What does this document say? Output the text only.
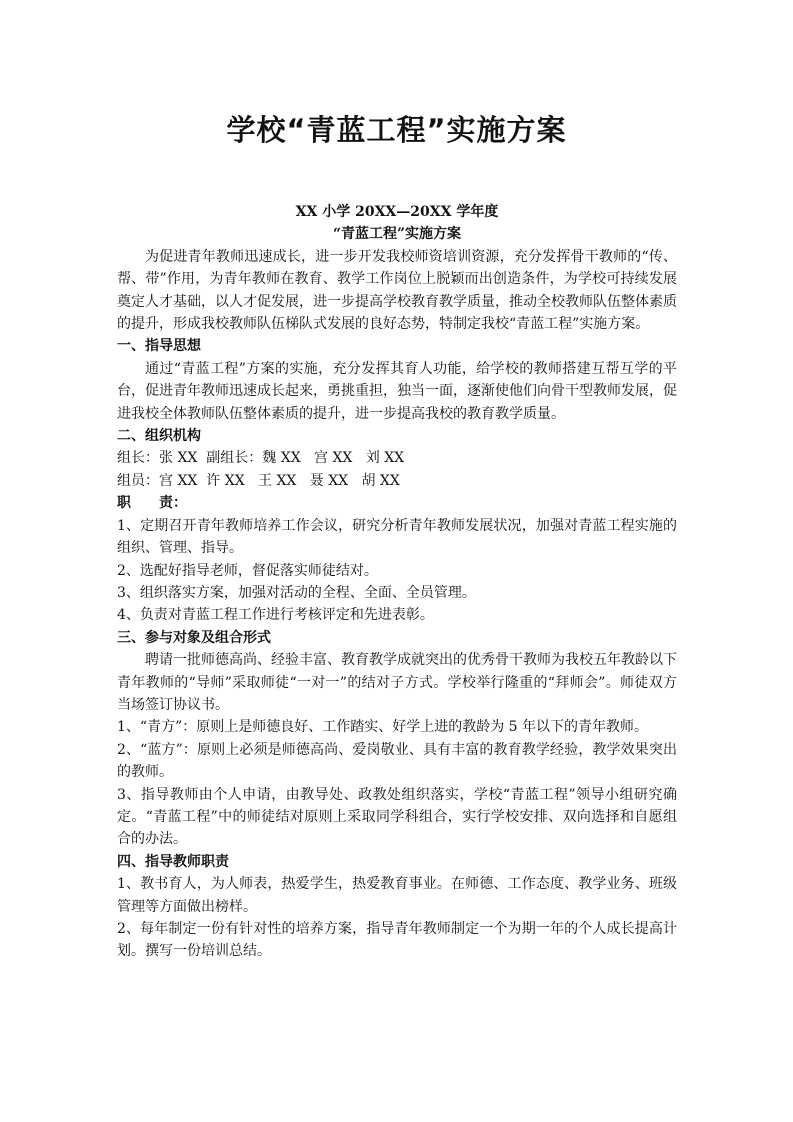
学校“青蓝工程”实施方案

XX 小学 20XX—20XX 学年度

“青蓝工程”实施方案

为促进青年教师迅速成长，进一步开发我校师资培训资源，充分发挥骨干教师的“传、帮、带”作用，为青年教师在教育、教学工作岗位上脱颖而出创造条件，为学校可持续发展奠定人才基础，以人才促发展，进一步提高学校教育教学质量，推动全校教师队伍整体素质的提升，形成我校教师队伍梯队式发展的良好态势，特制定我校“青蓝工程”实施方案。

一、指导思想

通过“青蓝工程”方案的实施，充分发挥其育人功能，给学校的教师搭建互帮互学的平台，促进青年教师迅速成长起来，勇挑重担，独当一面，逐渐使他们向骨干型教师发展，促进我校全体教师队伍整体素质的提升，进一步提高我校的教育教学质量。

二、组织机构

组长：张 XX  副组长：魏 XX   宫 XX   刘 XX

组员：宫 XX  许 XX   王 XX   聂 XX   胡 XX

职　　责：

1、定期召开青年教师培养工作会议，研究分析青年教师发展状况，加强对青蓝工程实施的组织、管理、指导。

2、选配好指导老师，督促落实师徒结对。

3、组织落实方案，加强对活动的全程、全面、全员管理。

4、负责对青蓝工程工作进行考核评定和先进表彰。

三、参与对象及组合形式

聘请一批师德高尚、经验丰富、教育教学成就突出的优秀骨干教师为我校五年教龄以下青年教师的“导师”采取师徒“一对一”的结对子方式。学校举行隆重的“拜师会”。师徒双方当场签订协议书。

1、“青方”：原则上是师德良好、工作踏实、好学上进的教龄为 5 年以下的青年教师。

2、“蓝方”：原则上必须是师德高尚、爱岗敬业、具有丰富的教育教学经验，教学效果突出的教师。

3、指导教师由个人申请，由教导处、政教处组织落实，学校“青蓝工程”领导小组研究确定。“青蓝工程”中的师徒结对原则上采取同学科组合，实行学校安排、双向选择和自愿组合的办法。

四、指导教师职责

1、教书育人，为人师表，热爱学生，热爱教育事业。在师德、工作态度、教学业务、班级管理等方面做出榜样。

2、每年制定一份有针对性的培养方案，指导青年教师制定一个为期一年的个人成长提高计划。撰写一份培训总结。
